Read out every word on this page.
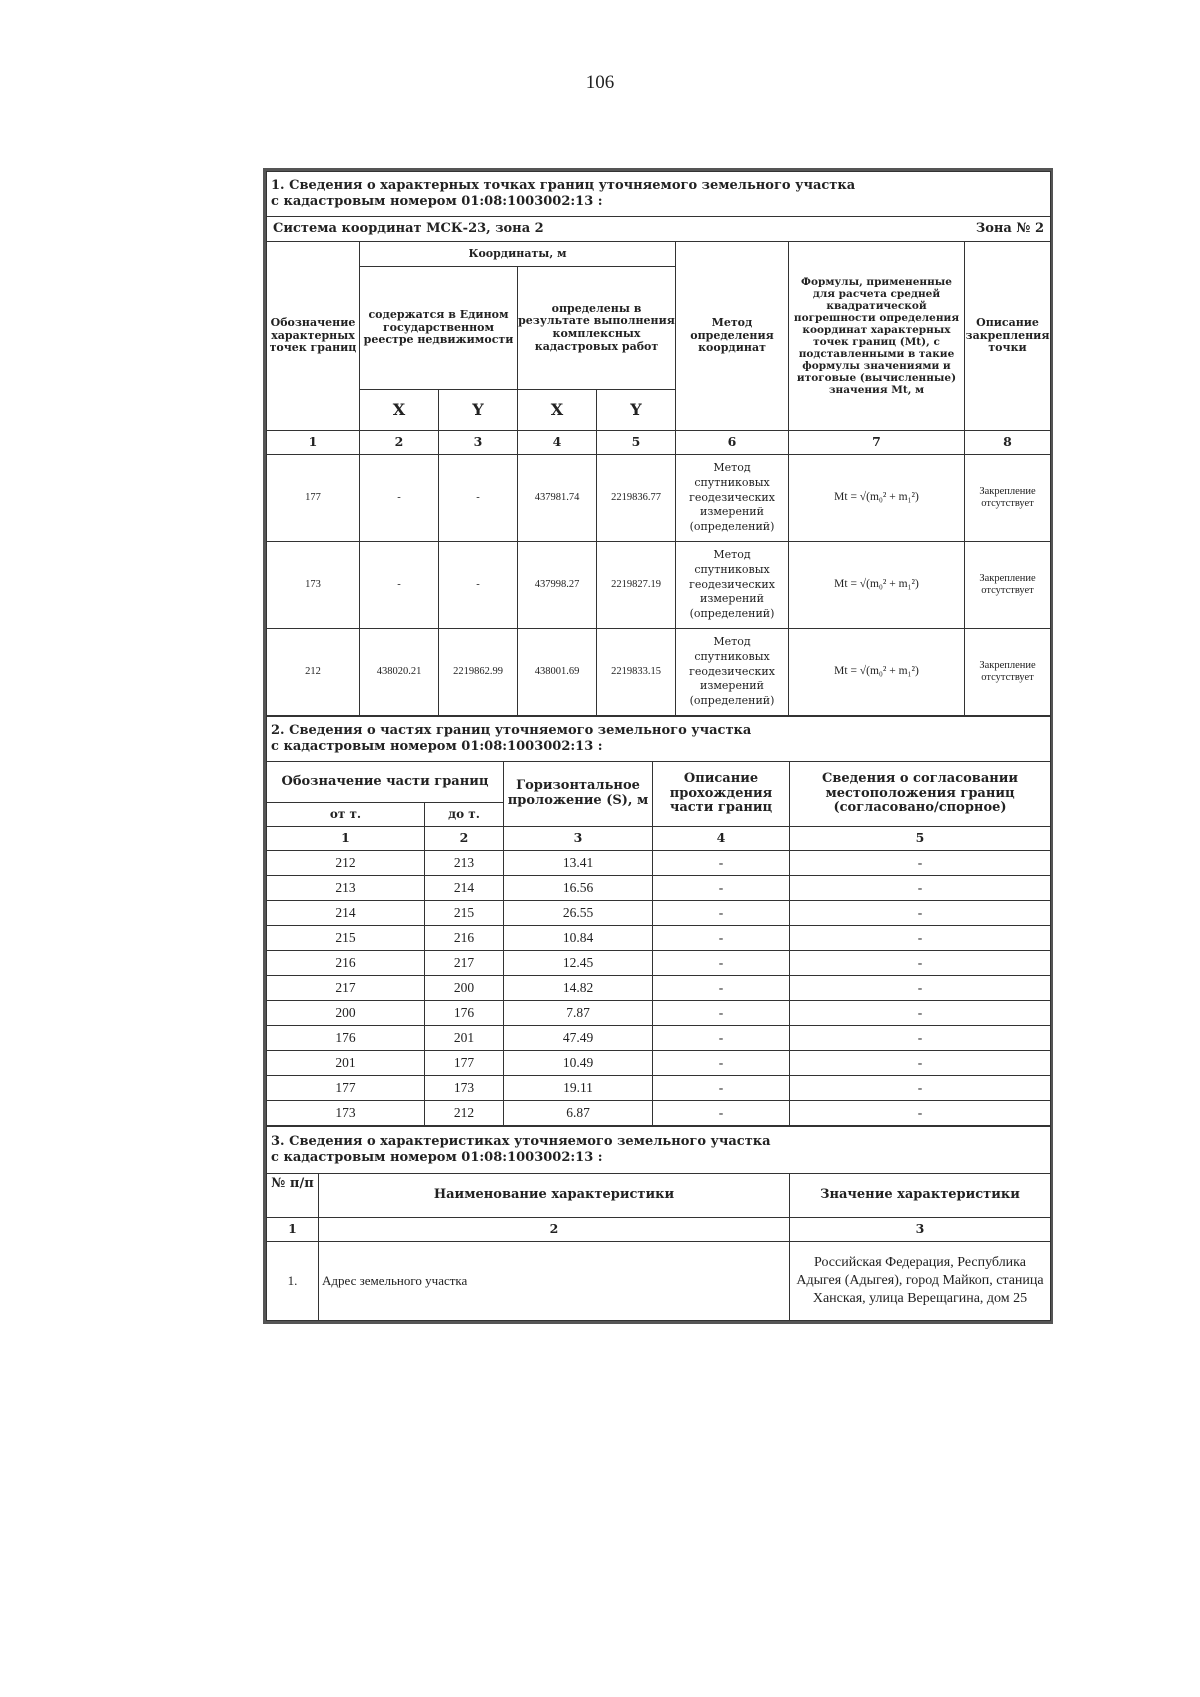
106
1. Сведения о характерных точках границ уточняемого земельного участка
с кадастровым номером 01:08:1003002:13 :							

Система координат МСК-23, зона 2 Зона № 2							

Обозначение характерных точек границ	Координаты, м				Метод определения координат	Формулы, примененные для расчета средней квадратической погрешности определения координат характерных точек границ (Mt), с подставленными в такие формулы значениями и итоговые (вычисленные) значения Mt, м	Описание закрепления точки
	содержатся в Едином государственном реестре недвижимости		определены в результате выполнения комплексных кадастровых работ				
	X	Y	X	Y			
1	2	3	4	5	6	7	8
177	-	-	437981.74	2219836.77	Метод спутниковых геодезических измерений (определений)	Mt = √(m₀² + m₁²)	Закрепление отсутствует
173	-	-	437998.27	2219827.19	Метод спутниковых геодезических измерений (определений)	Mt = √(m₀² + m₁²)	Закрепление отсутствует
212	438020.21	2219862.99	438001.69	2219833.15	Метод спутниковых геодезических измерений (определений)	Mt = √(m₀² + m₁²)	Закрепление отсутствует
2. Сведения о частях границ уточняемого земельного участка
с кадастровым номером 01:08:1003002:13 :				

Обозначение части границ		Горизонтальное проложение (S), м	Описание прохождения части границ	Сведения о согласовании местоположения границ (согласовано/спорное)
от т.	до т.			
1	2	3	4	5
212	213	13.41	-	-
213	214	16.56	-	-
214	215	26.55	-	-
215	216	10.84	-	-
216	217	12.45	-	-
217	200	14.82	-	-
200	176	7.87	-	-
176	201	47.49	-	-
201	177	10.49	-	-
177	173	19.11	-	-
173	212	6.87	-	-
3. Сведения о характеристиках уточняемого земельного участка
с кадастровым номером 01:08:1003002:13 :		

№ п/п	Наименование характеристики	Значение характеристики
1	2	3
1.	Адрес земельного участка	Российская Федерация, Республика Адыгея (Адыгея), город Майкоп, станица Ханская, улица Верещагина, дом 25
